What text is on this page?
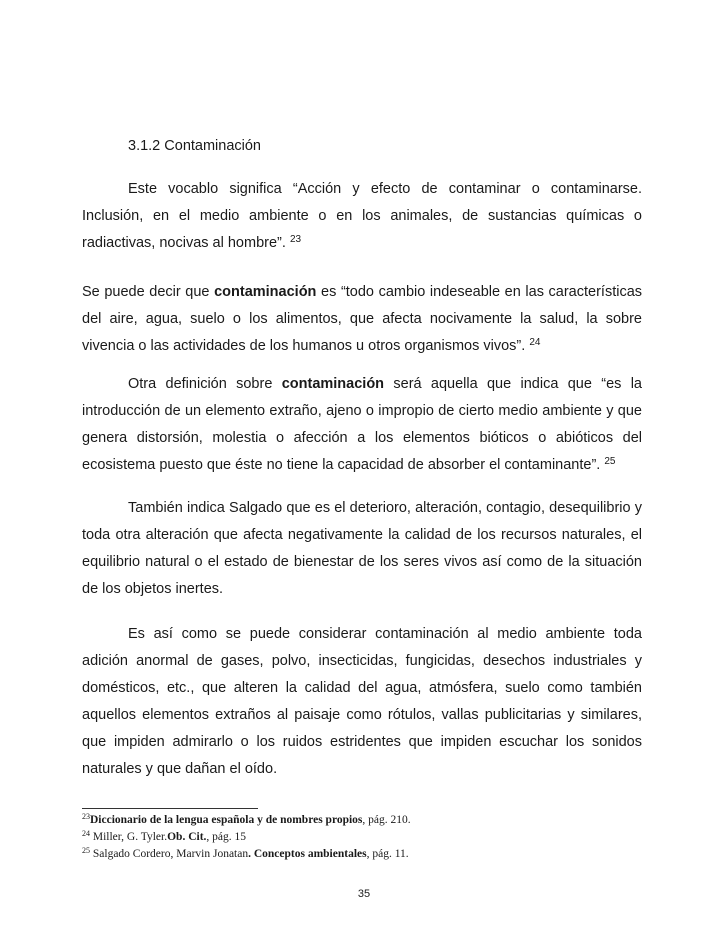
3.1.2 Contaminación

Este vocablo significa “Acción y efecto de contaminar o contaminarse. Inclusión, en el medio ambiente o en los animales, de sustancias químicas o radiactivas, nocivas al hombre”. $^{23}$

Se puede decir que contaminación es “todo cambio indeseable en las características del aire, agua, suelo o los alimentos, que afecta nocivamente la salud, la sobre vivencia o las actividades de los humanos u otros organismos vivos”. $^{24}$

Otra definición sobre contaminación será aquella que indica que “es la introducción de un elemento extraño, ajeno o impropio de cierto medio ambiente y que genera distorsión, molestia o afección a los elementos bióticos o abióticos del ecosistema puesto que éste no tiene la capacidad de absorber el contaminante”. $^{25}$

También indica Salgado que es el deterioro, alteración, contagio, desequilibrio y toda otra alteración que afecta negativamente la calidad de los recursos naturales, el equilibrio natural o el estado de bienestar de los seres vivos así como de la situación de los objetos inertes.

Es así como se puede considerar contaminación al medio ambiente toda adición anormal de gases, polvo, insecticidas, fungicidas, desechos industriales y domésticos, etc., que alteren la calidad del agua, atmósfera, suelo como también aquellos elementos extraños al paisaje como rótulos, vallas publicitarias y similares, que impiden admirarlo o los ruidos estridentes que impiden escuchar los sonidos naturales y que dañan el oído.

$^{23}$Diccionario de la lengua española y de nombres propios, pág. 210.
$^{24}$ Miller, G. Tyler.Ob. Cit., pág. 15
$^{25}$ Salgado Cordero, Marvin Jonatan. Conceptos ambientales, pág. 11.
35
